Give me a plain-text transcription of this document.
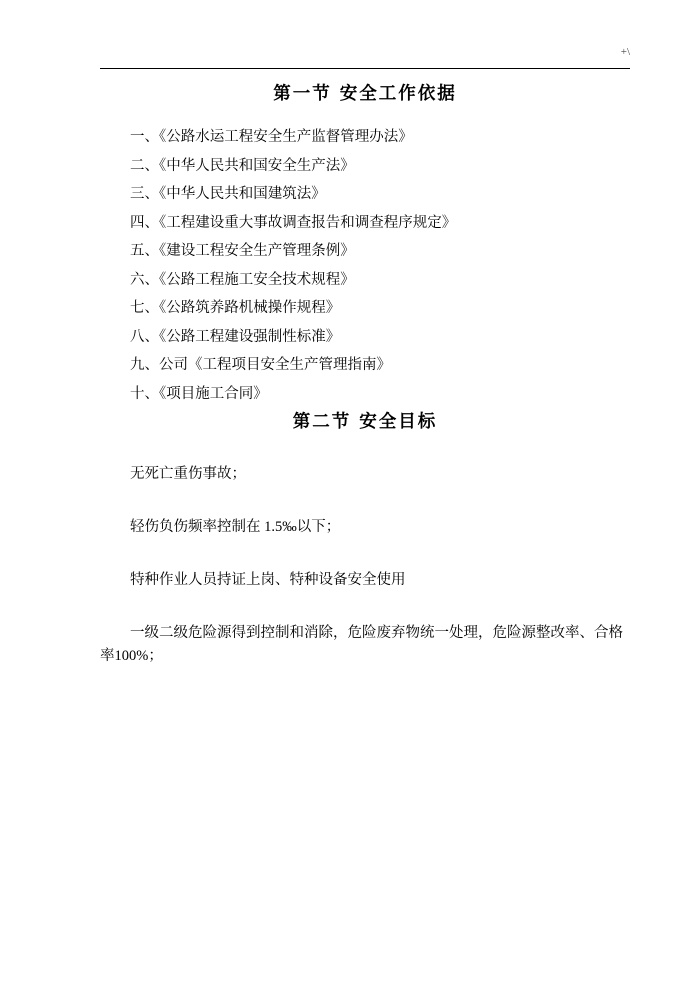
+\
第一节 安全工作依据
一、《公路水运工程安全生产监督管理办法》
二、《中华人民共和国安全生产法》
三、《中华人民共和国建筑法》
四、《工程建设重大事故调查报告和调查程序规定》
五、《建设工程安全生产管理条例》
六、《公路工程施工安全技术规程》
七、《公路筑养路机械操作规程》
八、《公路工程建设强制性标准》
九、公司《工程项目安全生产管理指南》
十、《项目施工合同》
第二节 安全目标

无死亡重伤事故；

轻伤负伤频率控制在 1.5‰以下；

特种作业人员持证上岗、特种设备安全使用

一级二级危险源得到控制和消除，危险废弃物统一处理，危险源整改率、合格率100%；
